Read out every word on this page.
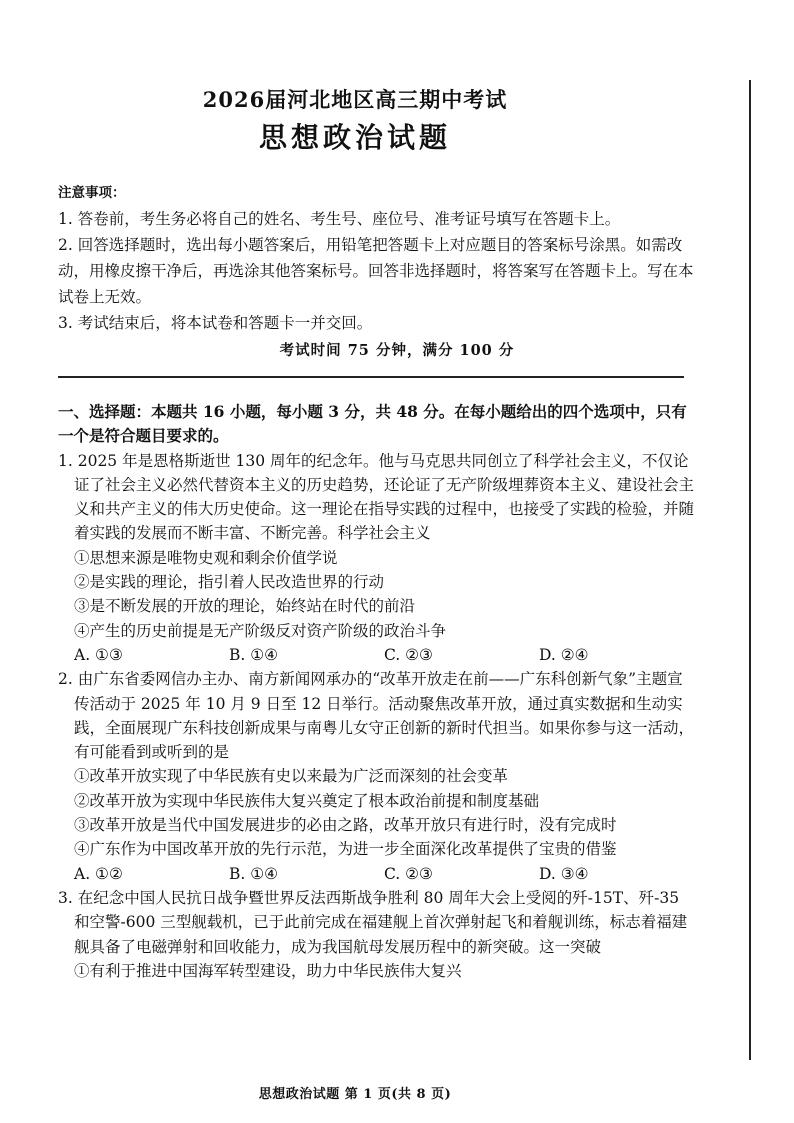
2026届河北地区高三期中考试
思想政治试题

注意事项：

1. 答卷前，考生务必将自己的姓名、考生号、座位号、准考证号填写在答题卡上。

2. 回答选择题时，选出每小题答案后，用铅笔把答题卡上对应题目的答案标号涂黑。如需改动，用橡皮擦干净后，再选涂其他答案标号。回答非选择题时，将答案写在答题卡上。写在本试卷上无效。

3. 考试结束后，将本试卷和答题卡一并交回。

考试时间 75 分钟，满分 100 分

一、选择题：本题共 16 小题，每小题 3 分，共 48 分。在每小题给出的四个选项中，只有一个是符合题目要求的。

1. 2025 年是恩格斯逝世 130 周年的纪念年。他与马克思共同创立了科学社会主义，不仅论证了社会主义必然代替资本主义的历史趋势，还论证了无产阶级埋葬资本主义、建设社会主义和共产主义的伟大历史使命。这一理论在指导实践的过程中，也接受了实践的检验，并随着实践的发展而不断丰富、不断完善。科学社会主义

①思想来源是唯物史观和剩余价值学说

②是实践的理论，指引着人民改造世界的行动

③是不断发展的开放的理论，始终站在时代的前沿

④产生的历史前提是无产阶级反对资产阶级的政治斗争

A. ①③	B. ①④	C. ②③	D. ②④

2. 由广东省委网信办主办、南方新闻网承办的“改革开放走在前——广东科创新气象”主题宣传活动于 2025 年 10 月 9 日至 12 日举行。活动聚焦改革开放，通过真实数据和生动实践，全面展现广东科技创新成果与南粤儿女守正创新的新时代担当。如果你参与这一活动，有可能看到或听到的是

①改革开放实现了中华民族有史以来最为广泛而深刻的社会变革

②改革开放为实现中华民族伟大复兴奠定了根本政治前提和制度基础

③改革开放是当代中国发展进步的必由之路，改革开放只有进行时，没有完成时

④广东作为中国改革开放的先行示范，为进一步全面深化改革提供了宝贵的借鉴

A. ①②	B. ①④	C. ②③	D. ③④

3. 在纪念中国人民抗日战争暨世界反法西斯战争胜利 80 周年大会上受阅的歼-15T、歼-35 和空警-600 三型舰载机，已于此前完成在福建舰上首次弹射起飞和着舰训练，标志着福建舰具备了电磁弹射和回收能力，成为我国航母发展历程中的新突破。这一突破

①有利于推进中国海军转型建设，助力中华民族伟大复兴

思想政治试题 第 1 页(共 8 页)
